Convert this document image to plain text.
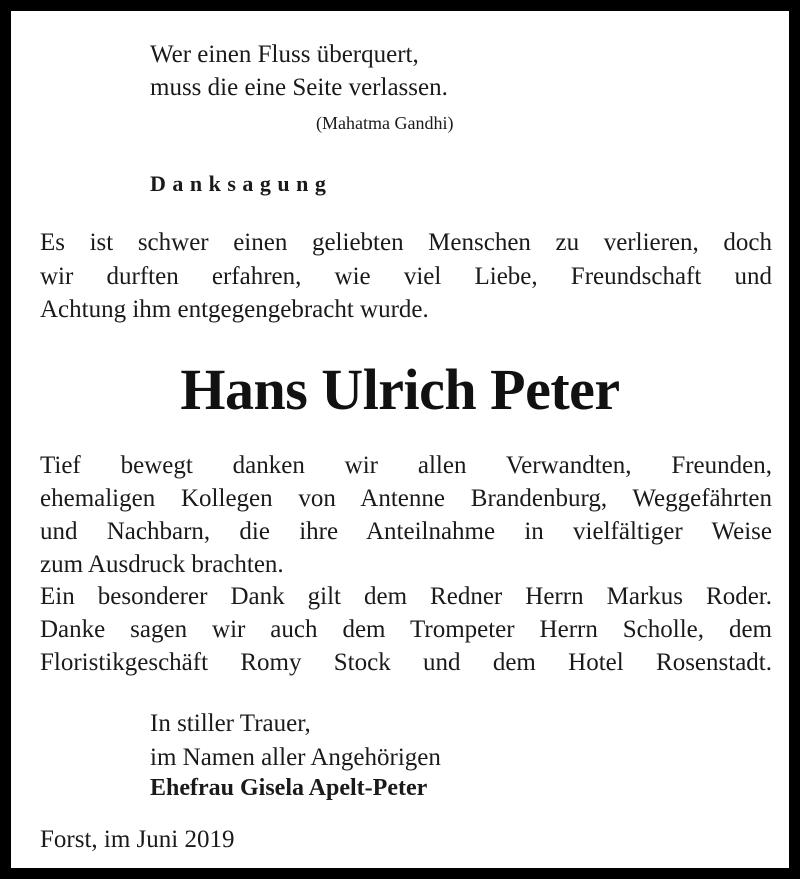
Wer einen Fluss überquert,

muss die eine Seite verlassen.

(Mahatma Gandhi)

Danksagung

Es ist schwer einen geliebten Menschen zu verlieren, doch

wir durften erfahren, wie viel Liebe, Freundschaft und

Achtung ihm entgegengebracht wurde.

Hans Ulrich Peter

Tief bewegt danken wir allen Verwandten, Freunden,

ehemaligen Kollegen von Antenne Brandenburg, Weggefährten

und Nachbarn, die ihre Anteilnahme in vielfältiger Weise

zum Ausdruck brachten.

Ein besonderer Dank gilt dem Redner Herrn Markus Roder.

Danke sagen wir auch dem Trompeter Herrn Scholle, dem

Floristikgeschäft Romy Stock und dem Hotel Rosenstadt.

In stiller Trauer,

im Namen aller Angehörigen

Ehefrau Gisela Apelt-Peter

Forst, im Juni 2019
